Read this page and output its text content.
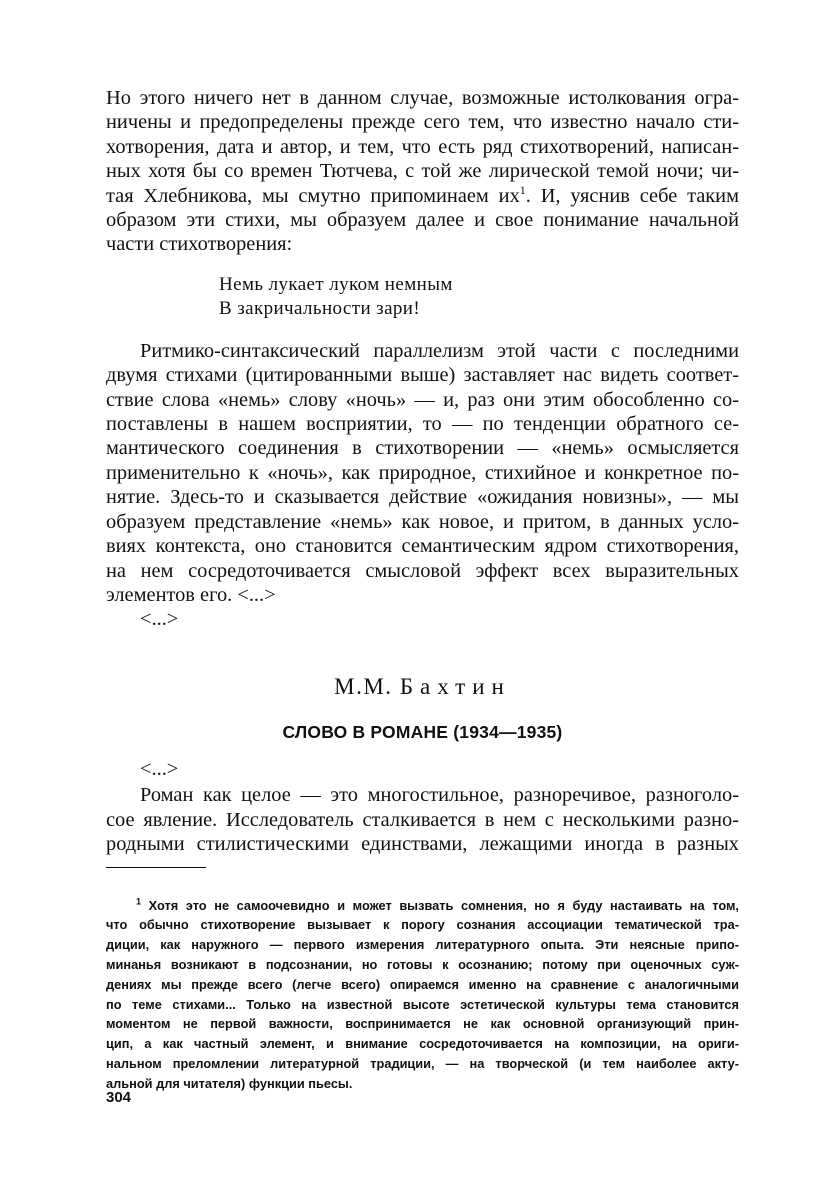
Но этого ничего нет в данном случае, возможные истолкования огра-
ничены и предопределены прежде сего тем, что известно начало сти-
хотворения, дата и автор, и тем, что есть ряд стихотворений, написан-
ных хотя бы со времен Тютчева, с той же лирической темой ночи; чи-
тая Хлебникова, мы смутно припоминаем $их^1$. И, уяснив себе таким
образом эти стихи, мы образуем далее и свое понимание начальной
части стихотворения:
Немь лукает луком немным
В закричальности зари!
Ритмико-синтаксический параллелизм этой части с последними
двумя стихами (цитированными выше) заставляет нас видеть соответ-
ствие слова «немь» слову «ночь» — и, раз они этим обособленно со-
поставлены в нашем восприятии, то — по тенденции обратного се-
мантического соединения в стихотворении — «немь» осмысляется
применительно к «ночь», как природное, стихийное и конкретное по-
нятие. Здесь-то и сказывается действие «ожидания новизны», — мы
образуем представление «немь» как новое, и притом, в данных усло-
виях контекста, оно становится семантическим ядром стихотворения,
на нем сосредоточивается смысловой эффект всех выразительных
элементов его. <...>
<...>
М.М. Бахтин
СЛОВО В РОМАНЕ (1934—1935)
<...>
Роман как целое — это многостильное, разноречивое, разноголо-
сое явление. Исследователь сталкивается в нем с несколькими разно-
родными стилистическими единствами, лежащими иногда в разных
$^1$ Хотя это не самоочевидно и может вызвать сомнения, но я буду настаивать на том,
что обычно стихотворение вызывает к порогу сознания ассоциации тематической тра-
диции, как наружного — первого измерения литературного опыта. Эти неясные припо-
минанья возникают в подсознании, но готовы к осознанию; потому при оценочных суж-
дениях мы прежде всего (легче всего) опираемся именно на сравнение с аналогичными
по теме стихами... Только на известной высоте эстетической культуры тема становится
моментом не первой важности, воспринимается не как основной организующий прин-
цип, а как частный элемент, и внимание сосредоточивается на композиции, на ориги-
нальном преломлении литературной традиции, — на творческой (и тем наиболее акту-
альной для читателя) функции пьесы.
304
